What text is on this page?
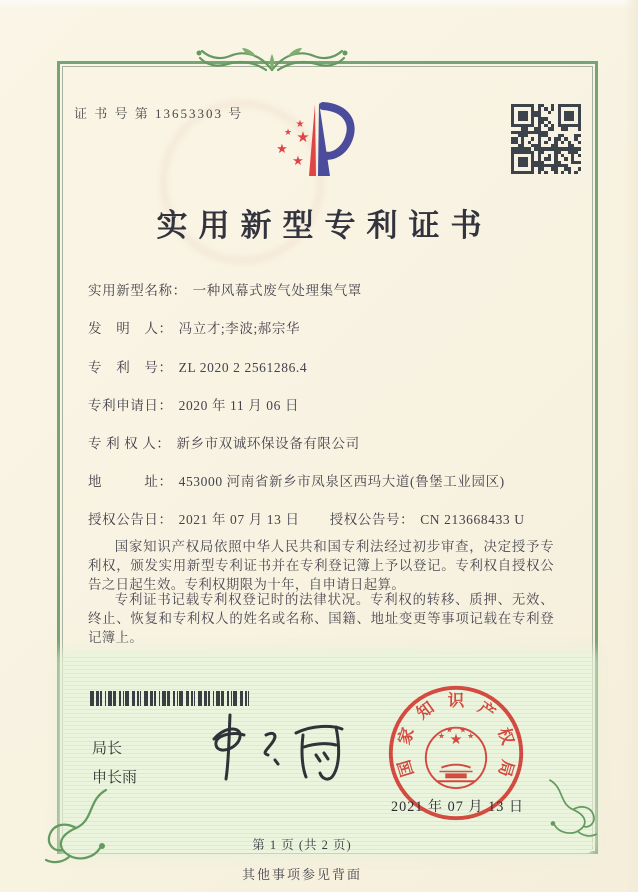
证 书 号 第 13653303 号
★
★ ★
★
★
实用新型专利证书
实用新型名称： 一种风幕式废气处理集气罩
发　明　人： 冯立才;李波;郝宗华
专　利　号： ZL 2020 2 2561286.4
专利申请日： 2020 年 11 月 06 日
专 利 权 人： 新乡市双诚环保设备有限公司
地　　　址： 453000 河南省新乡市凤泉区西玛大道(鲁堡工业园区)
授权公告日： 2021 年 07 月 13 日 授权公告号： CN 213668433 U
国家知识产权局依照中华人民共和国专利法经过初步审查，决定授予专利权，颁发实用新型专利证书并在专利登记簿上予以登记。专利权自授权公告之日起生效。专利权期限为十年，自申请日起算。
专利证书记载专利权登记时的法律状况。专利权的转移、质押、无效、终止、恢复和专利权人的姓名或名称、国籍、地址变更等事项记载在专利登记簿上。
局长
申长雨	国
家
知 识 产
权
局
★
★
★ ★
★
2021 年 07 月 13 日
第 1 页 (共 2 页)
其他事项参见背面
